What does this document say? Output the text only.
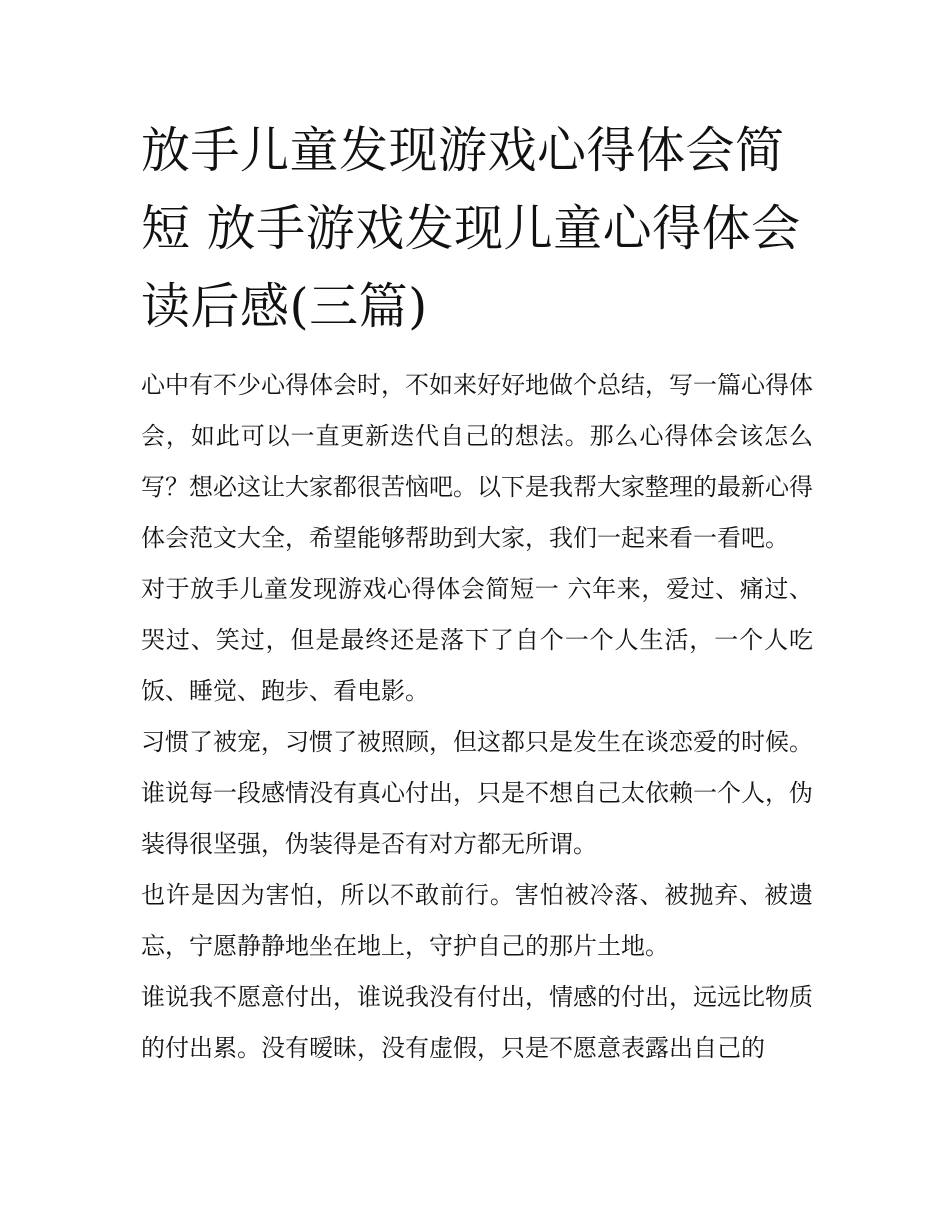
放手儿童发现游戏心得体会简短 放手游戏发现儿童心得体会读后感(三篇)

心中有不少心得体会时，不如来好好地做个总结，写一篇心得体会，如此可以一直更新迭代自己的想法。那么心得体会该怎么写？想必这让大家都很苦恼吧。以下是我帮大家整理的最新心得体会范文大全，希望能够帮助到大家，我们一起来看一看吧。

对于放手儿童发现游戏心得体会简短一 六年来，爱过、痛过、哭过、笑过，但是最终还是落下了自个一个人生活，一个人吃饭、睡觉、跑步、看电影。

习惯了被宠，习惯了被照顾，但这都只是发生在谈恋爱的时候。谁说每一段感情没有真心付出，只是不想自己太依赖一个人，伪装得很坚强，伪装得是否有对方都无所谓。

也许是因为害怕，所以不敢前行。害怕被冷落、被抛弃、被遗忘，宁愿静静地坐在地上，守护自己的那片土地。

谁说我不愿意付出，谁说我没有付出，情感的付出，远远比物质的付出累。没有暧昧，没有虚假，只是不愿意表露出自己的
